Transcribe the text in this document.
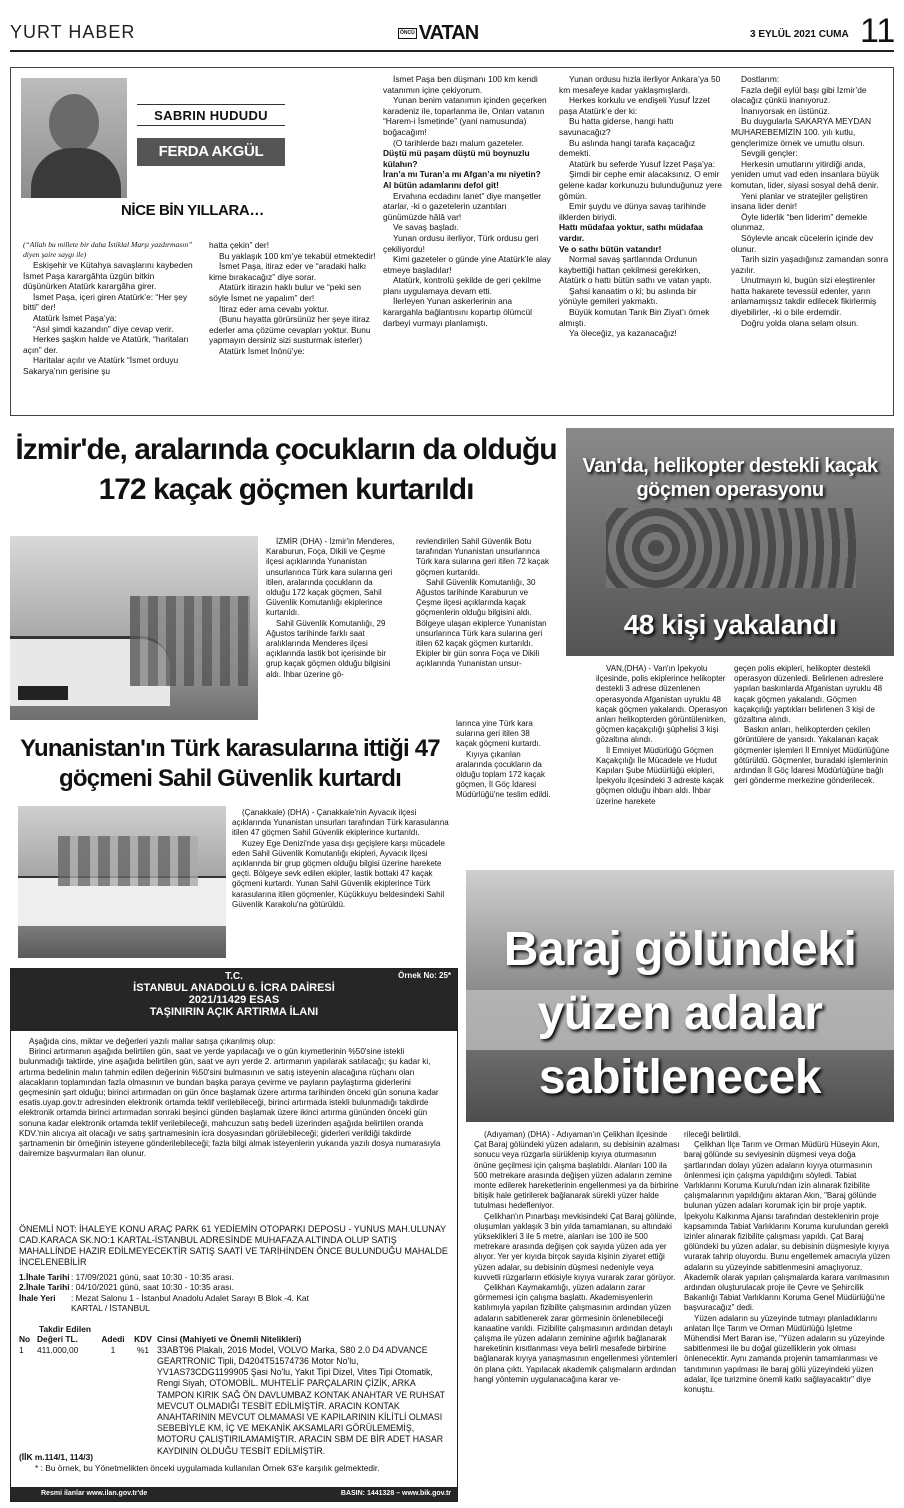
YURT HABER	ÖNCÜ VATAN	3 EYLÜL 2021 CUMA 11
SABRIN HUDUDU
FERDA AKGÜL
NİCE BİN YILLARA…
(“Allah bu millete bir daha İstiklal Marşı yazdırmasın” diyen şaire saygı ile)

Eskişehir ve Kütahya savaşlarını kaybeden İsmet Paşa karargâhta üzgün bitkin düşünürken Atatürk karargâha girer.

İsmet Paşa, içeri giren Atatürk’e: “Her şey bitti” der!

Atatürk İsmet Paşa’ya:

“Asıl şimdi kazandın” diye cevap verir.

Herkes şaşkın halde ve Atatürk, “haritaları açın” der.

Haritalar açılır ve Atatürk “İsmet orduyu Sakarya’nın gerisine şu

hatta çekin” der!

Bu yaklaşık 100 km’ye tekabül etmektedir!

İsmet Paşa, itiraz eder ve “aradaki halkı kime bırakacağız” diye sorar.

Atatürk itirazın haklı bulur ve “peki sen söyle İsmet ne yapalım” der!

İtiraz eder ama cevabı yoktur.

(Bunu hayatta görürsünüz her şeye itiraz ederler ama çözüme cevapları yoktur. Bunu yapmayın dersiniz sizi susturmak isterler)

Atatürk İsmet İnönü’ye:

İsmet Paşa ben düşmanı 100 km kendi vatanımın içine çekiyorum.

Yunan benim vatanımın içinden geçerken karadeniz ile, toparlanma ile, Onları vatanın “Harem-i İsmetinde” (yani namusunda) boğacağım!

(O tarihlerde bazı malum gazeteler.

Düştü mü paşam düştü mü boynuzlu külahın?

İran’a mı Turan’a mı Afgan’a mı niyetin?

Al bütün adamlarını defol git!

Ervahına ecdadını lanet” diye manşetler atarlar, -ki o gazetelerin uzantıları günümüzde hâlâ var!

Ve savaş başladı.

Yunan ordusu ilerliyor, Türk ordusu geri çekiliyordu!

Kimi gazeteler o günde yine Atatürk’le alay etmeye başladılar!

Atatürk, kontrolü şekilde de geri çekilme planı uygulamaya devam etti.

İlerleyen Yunan askerlerinin ana karargahla bağlantısını kopartıp ölümcül darbeyi vurmayı planlamıştı.

Yunan ordusu hızla ilerliyor Ankara’ya 50 km mesafeye kadar yaklaşmışlardı.

Herkes korkulu ve endişeli Yusuf İzzet paşa Atatürk’e der ki:

Bu hatta giderse, hangi hattı savunacağız?

Bu aslında hangi tarafa kaçacağız demekti.

Atatürk bu seferde Yusuf İzzet Paşa’ya:

Şimdi bir cephe emir alacaksınız. O emir gelene kadar korkunuzu bulunduğunuz yere gömün.

Emir şuydu ve dünya savaş tarihinde ilklerden biriydi.

Hattı müdafaa yoktur, sathı müdafaa vardır.

Ve o sathı bütün vatandır!

Normal savaş şartlarında Ordunun kaybettiği hattan çekilmesi gerekirken, Atatürk o hattı bütün sathı ve vatan yaptı.

Şahsi kanaatim o ki; bu aslında bir yönüyle gemileri yakmaktı.

Büyük komutan Tarık Bin Ziyat’ı örnek almıştı.

Ya öleceğiz, ya kazanacağız!

Dostlarım:

Fazla değil eylül başı gibi İzmir’de olacağız çünkü inanıyoruz.

İnanıyorsak en üstünüz.

Bu duygularla SAKARYA MEYDAN MUHAREBEMİZİN 100. yılı kutlu, gençlerimize örnek ve umutlu olsun.

Sevgili gençler:

Herkesin umutlarını yitirdiği anda, yeniden umut vad eden insanlara büyük komutan, lider, siyasi sosyal dehâ denir.

Yeni planlar ve stratejiler geliştiren insana lider denir!

Öyle liderlik “ben liderim” demekle olunmaz.

Söylevle ancak cücelerin içinde dev olunur.

Tarih sizin yaşadığınız zamandan sonra yazılır.

Unutmayın ki, bugün sizi eleştirenler hatta hakarete tevessül edenler, yarın anlamamışsız takdir edilecek fikirlermiş diyebilirler, -ki o bile erdemdir.

Doğru yolda olana selam olsun.

İzmir'de, aralarında çocukların da olduğu 172 kaçak göçmen kurtarıldı

İZMİR (DHA) - İzmir'in Menderes, Karaburun, Foça, Dikili ve Çeşme ilçesi açıklarında Yunanistan unsurlarınca Türk kara sularına geri itilen, aralarında çocukların da olduğu 172 kaçak göçmen, Sahil Güvenlik Komutanlığı ekiplerince kurtarıldı.

Sahil Güvenlik Komutanlığı, 29 Ağustos tarihinde farklı saat aralıklarında Menderes ilçesi açıklarında lastik bot içerisinde bir grup kaçak göçmen olduğu bilgisini aldı. İhbar üzerine gö-

revlendirilen Sahil Güvenlik Botu tarafından Yunanistan unsurlarınca Türk kara sularına geri itilen 72 kaçak göçmen kurtarıldı.

Sahil Güvenlik Komutanlığı, 30 Ağustos tarihinde Karaburun ve Çeşme ilçesi açıklarında kaçak göçmenlerin olduğu bilgisini aldı. Bölgeye ulaşan ekiplerce Yunanistan unsurlarınca Türk kara sularına geri itilen 62 kaçak göçmen kurtarıldı. Ekipler bir gün sonra Foça ve Dikili açıklarında Yunanistan unsur-

larınca yine Türk kara sularına geri itilen 38 kaçak göçmeni kurtardı.

Kıyıya çıkarılan aralarında çocukların da olduğu toplam 172 kaçak göçmen, İl Göç İdaresi Müdürlüğü'ne teslim edildi.

Yunanistan'ın Türk karasularına ittiği 47 göçmeni Sahil Güvenlik kurtardı

(Çanakkale) (DHA) - Çanakkale'nin Ayvacık ilçesi açıklarında Yunanistan unsurları tarafından Türk karasularına itilen 47 göçmen Sahil Güvenlik ekiplerince kurtarıldı.

Kuzey Ege Denizi'nde yasa dışı geçişlere karşı mücadele eden Sahil Güvenlik Komutanlığı ekipleri, Ayvacık ilçesi açıklarında bir grup göçmen olduğu bilgisi üzerine harekete geçti. Bölgeye sevk edilen ekipler, lastik bottaki 47 kaçak göçmeni kurtardı. Yunan Sahil Güvenlik ekiplerince Türk karasularına itilen göçmenler, Küçükkuyu beldesindeki Sahil Güvenlik Karakolu'na götürüldü.

Van'da, helikopter destekli kaçak göçmen operasyonu
48 kişi yakalandı

VAN,(DHA) - Van'ın İpekyolu ilçesinde, polis ekiplerince helikopter destekli 3 adrese düzenlenen operasyonda Afganistan uyruklu 48 kaçak göçmen yakalandı. Operasyon anları helikopterden görüntülenirken, göçmen kaçakçılığı şüphelisi 3 kişi gözaltına alındı.

İl Emniyet Müdürlüğü Göçmen Kaçakçılığı İle Mücadele ve Hudut Kapıları Şube Müdürlüğü ekipleri, İpekyolu ilçesindeki 3 adreste kaçak göçmen olduğu ihbarı aldı. İhbar üzerine harekete

geçen polis ekipleri, helikopter destekli operasyon düzenledi. Belirlenen adreslere yapılan baskınlarda Afganistan uyruklu 48 kaçak göçmen yakalandı. Göçmen kaçakçılığı yaptıkları belirlenen 3 kişi de gözaltına alındı.

Baskın anları, helikopterden çekilen görüntülere de yansıdı. Yakalanan kaçak göçmenler işlemleri İl Emniyet Müdürlüğüne götürüldü. Göçmenler, buradaki işlemlerinin ardından İl Göç İdaresi Müdürlüğüne bağlı geri gönderme merkezine gönderilecek.

Baraj gölündeki yüzen adalar sabitlenecek

(Adıyaman) (DHA) - Adıyaman'ın Çelikhan ilçesinde Çat Baraj gölündeki yüzen adaların, su debisinin azalması sonucu veya rüzgarla sürüklenip kıyıya oturmasının önüne geçilmesi için çalışma başlatıldı. Alanları 100 ila 500 metrekare arasında değişen yüzen adaların zemine monte edilerek hareketlerinin engellenmesi ya da birbirine bitişik hale getirilerek bağlanarak sürekli yüzer halde tutulması hedefleniyor.

Çelikhan'ın Pınarbaşı mevkisindeki Çat Baraj gölünde, oluşumları yaklaşık 3 bin yılda tamamlanan, su altındaki yükseklikleri 3 ile 5 metre, alanları ise 100 ile 500 metrekare arasında değişen çok sayıda yüzen ada yer alıyor. Yer yer kıyıda birçok sayıda kişinin ziyaret ettiği yüzen adalar, su debisinin düşmesi nedeniyle veya kuvvetli rüzgarların etkisiyle kıyıya vurarak zarar görüyor.

Çelikhan Kaymakamlığı, yüzen adaların zarar görmemesi için çalışma başlattı. Akademisyenlerin katılımıyla yapılan fizibilite çalışmasının ardından yüzen adaların sabitlenerek zarar görmesinin önlenebileceği kanaatine varıldı. Fizibilite çalışmasının ardından detaylı çalışma ile yüzen adaların zeminine ağırlık bağlanarak hareketinin kısıtlanması veya belirli mesafede birbirine bağlanarak kıyıya yanaşmasının engellenmesi yöntemleri ön plana çıktı. Yapılacak akademik çalışmaların ardından hangi yöntemin uygulanacağına karar ve-

rileceği belirtildi.

Çelikhan İlçe Tarım ve Orman Müdürü Hüseyin Akın, baraj gölünde su seviyesinin düşmesi veya doğa şartlarından dolayı yüzen adaların kıyıya oturmasının önlenmesi için çalışma yapıldığını söyledi. Tabiat Varlıklarını Koruma Kurulu'ndan izin alınarak fizibilite çalışmalarının yapıldığını aktaran Akın, "Baraj gölünde bulunan yüzen adaları korumak için bir proje yaptık. İpekyolu Kalkınma Ajansı tarafından desteklenirin proje kapsamında Tabiat Varlıklarını Koruma kurulundan gerekli izinler alınarak fizibilite çalışması yapıldı. Çat Baraj gölündeki bu yüzen adalar, su debisinin düşmesiyle kıyıya vurarak tahrip oluyordu. Bunu engellemek amacıyla yüzen adaların su yüzeyinde sabitlenmesini amaçlıyoruz. Akademik olarak yapılan çalışmalarda karara varılmasının ardından oluşturulacak proje ile Çevre ve Şehircilik Bakanlığı Tabiat Varlıklarını Koruma Genel Müdürlüğü'ne başvuracağız" dedi.

Yüzen adaların su yüzeyinde tutmayı planladıklarını anlatan İlçe Tarım ve Orman Müdürlüğü İşletme Mühendisi Mert Baran ise, "Yüzen adaların su yüzeyinde sabitlenmesi ile bu doğal güzelliklerin yok olması önlenecektir. Aynı zamanda projenin tamamlanması ve tanıtımının yapılması ile baraj gölü yüzeyindeki yüzen adalar, ilçe turizmine önemli katkı sağlayacaktır" diye konuştu.

T.C.
İSTANBUL ANADOLU 6. İCRA DAİRESİ
2021/11429 ESAS
TAŞINIRIN AÇIK ARTIRMA İLANI
Örnek No: 25*

Aşağıda cins, miktar ve değerleri yazılı mallar satışa çıkarılmış olup:

Birinci artırmanın aşağıda belirtilen gün, saat ve yerde yapılacağı ve o gün kıymetlerinin %50'sine istekli bulunmadığı taktirde, yine aşağıda belirtilen gün, saat ve ayrı yerde 2. artırmanın yapılarak satılacağı; şu kadar ki, artırma bedelinin malın tahmin edilen değerinin %50'sini bulmasının ve satış isteyenin alacağına rüçhanı olan alacakların toplamından fazla olmasının ve bundan başka paraya çevirme ve payların paylaştırma giderlerini geçmesinin şart olduğu; birinci artırmadan on gün önce başlamak üzere artırma tarihinden önceki gün sonuna kadar esatis.uyap.gov.tr adresinden elektronik ortamda teklif verilebileceği, birinci artırmada istekli bulunmadığı takdirde elektronik ortamda birinci artırmadan sonraki beşinci günden başlamak üzere ikinci artırma gününden önceki gün sonuna kadar elektronik ortamda teklif verilebileceği, mahcuzun satış bedeli üzerinden aşağıda belirtilen oranda KDV.'nin alıcıya ait olacağı ve satış şartnamesinin icra dosyasından görülebileceği; giderleri verildiği takdirde şartnamenin bir örneğinin isteyene gönderilebileceği; fazla bilgi almak isteyenlerin yukarıda yazılı dosya numarasıyla dairemize başvurmaları ilan olunur.

ÖNEMLİ NOT: İHALEYE KONU ARAÇ PARK 61 YEDİEMİN OTOPARKI DEPOSU - YUNUS MAH.ULUNAY CAD.KARACA SK.NO:1 KARTAL-İSTANBUL ADRESİNDE MUHAFAZA ALTINDA OLUP SATIŞ MAHALLİNDE HAZIR EDİLMEYECEKTİR SATIŞ SAATİ VE TARİHİNDEN ÖNCE BULUNDUĞU MAHALDE İNCELENEBİLİR
1.İhale Tarihi : 17/09/2021 günü, saat 10:30 - 10:35 arası.
2.İhale Tarihi : 04/10/2021 günü, saat 10:30 - 10:35 arası.
İhale Yeri	: Mezat Salonu 1 - İstanbul Anadolu Adalet Sarayı B Blok -4. Kat KARTAL / İSTANBUL
Takdir Edilen
No Değeri TL.	Adedi	KDV Cinsi (Mahiyeti ve Önemli Nitelikleri)
1	411.000,00	1	%1 33ABT96 Plakalı, 2016 Model, VOLVO Marka, S80 2.0 D4 ADVANCE GEARTRONIC Tipli, D4204T51574736 Motor No'lu, YV1AS73CDG1199905 Şasi No'lu, Yakıt Tipi Dizel, Vites Tipi Otomatik, Rengi Siyah, OTOMOBİL. MUHTELİF PARÇALARIN ÇİZİK, ARKA TAMPON KIRIK SAĞ ÖN DAVLUMBAZ KONTAK ANAHTAR VE RUHSAT MEVCUT OLMADIĞI TESBİT EDİLMİŞTİR. ARACIN KONTAK ANAHTARININ MEVCUT OLMAMASI VE KAPILARININ KİLİTLİ OLMASI SEBEBİYLE KM, İÇ VE MEKANİK AKSAMLARI GÖRÜLEMEMİŞ, MOTORU ÇALIŞTIRILAMAMIŞTIR. ARACIN SBM DE BİR ADET HASAR KAYDININ OLDUĞU TESBİT EDİLMİŞTİR.
(İİK m.114/1, 114/3)
* : Bu örnek, bu Yönetmelikten önceki uygulamada kullanılan Örnek 63'e karşılık gelmektedir.
Resmi ilanlar www.ilan.gov.tr'de	BASIN: 1441328 – www.bik.gov.tr
